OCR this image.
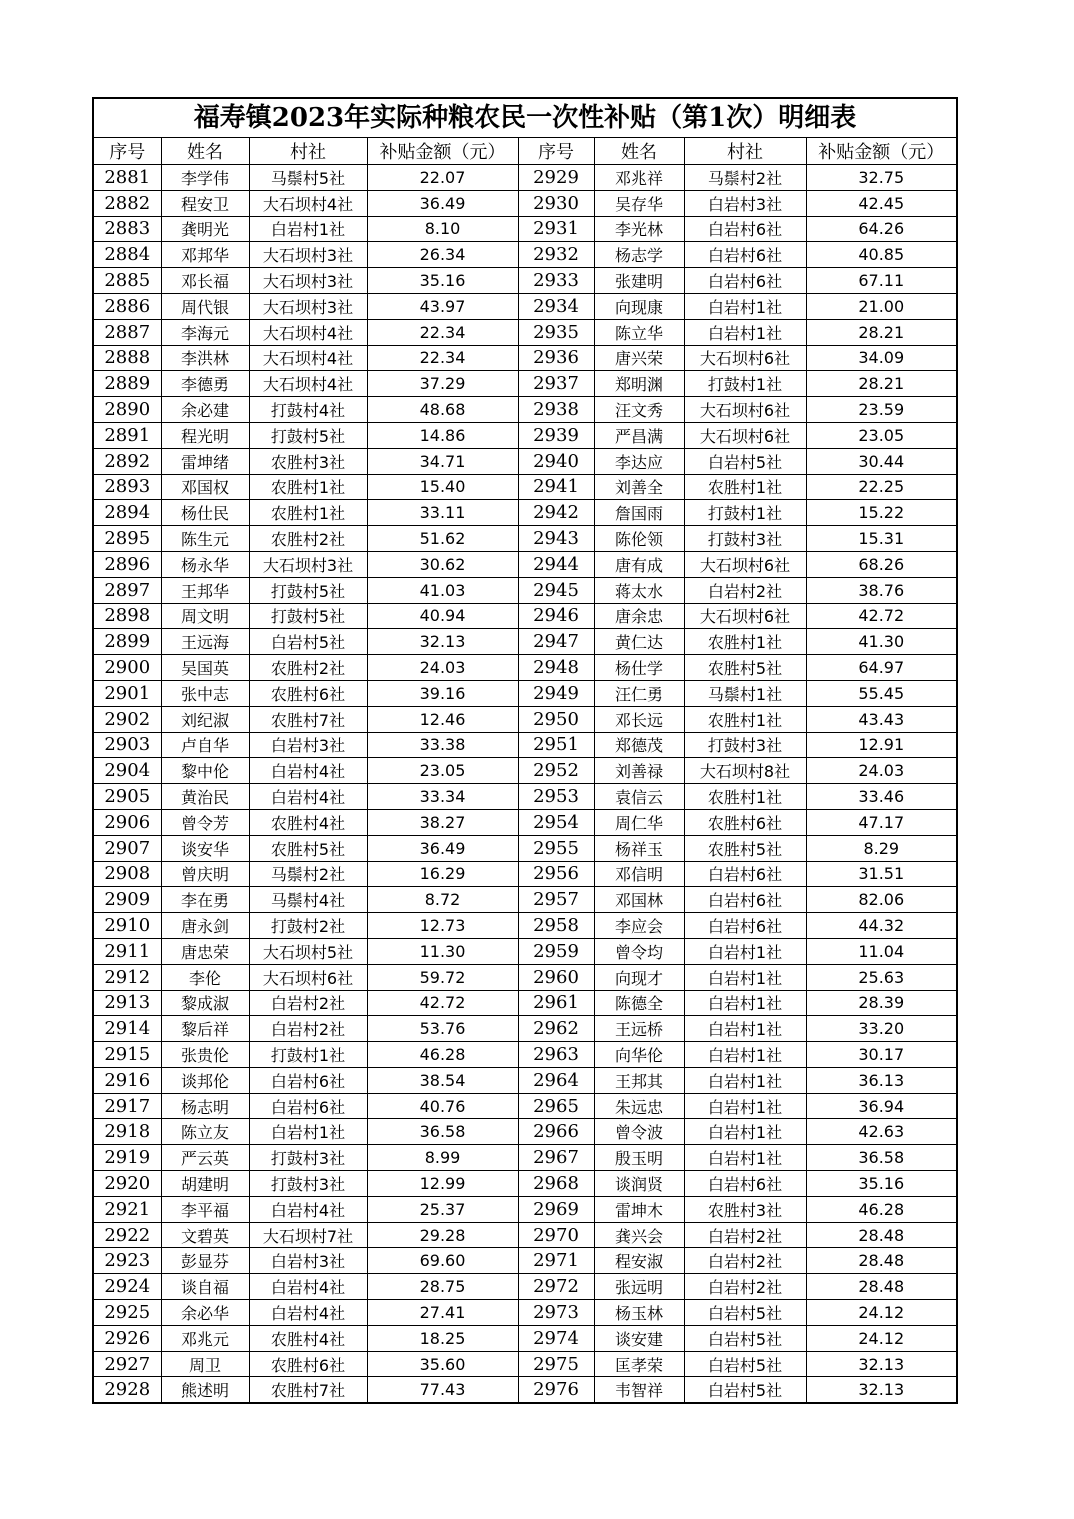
福寿镇2023年实际种粮农民一次性补贴（第1次）明细表
序号	姓名	村社	补贴金额（元）	序号	姓名	村社	补贴金额（元）
2881	李学伟	马鬃村5社	22.07	2929	邓兆祥	马鬃村2社	32.75
2882	程安卫	大石坝村4社	36.49	2930	吴存华	白岩村3社	42.45
2883	龚明光	白岩村1社	8.10	2931	李光林	白岩村6社	64.26
2884	邓邦华	大石坝村3社	26.34	2932	杨志学	白岩村6社	40.85
2885	邓长福	大石坝村3社	35.16	2933	张建明	白岩村6社	67.11
2886	周代银	大石坝村3社	43.97	2934	向现康	白岩村1社	21.00
2887	李海元	大石坝村4社	22.34	2935	陈立华	白岩村1社	28.21
2888	李洪林	大石坝村4社	22.34	2936	唐兴荣	大石坝村6社	34.09
2889	李德勇	大石坝村4社	37.29	2937	郑明渊	打鼓村1社	28.21
2890	余必建	打鼓村4社	48.68	2938	汪文秀	大石坝村6社	23.59
2891	程光明	打鼓村5社	14.86	2939	严昌满	大石坝村6社	23.05
2892	雷坤绪	农胜村3社	34.71	2940	李达应	白岩村5社	30.44
2893	邓国权	农胜村1社	15.40	2941	刘善全	农胜村1社	22.25
2894	杨仕民	农胜村1社	33.11	2942	詹国雨	打鼓村1社	15.22
2895	陈生元	农胜村2社	51.62	2943	陈伦领	打鼓村3社	15.31
2896	杨永华	大石坝村3社	30.62	2944	唐有成	大石坝村6社	68.26
2897	王邦华	打鼓村5社	41.03	2945	蒋太水	白岩村2社	38.76
2898	周文明	打鼓村5社	40.94	2946	唐余忠	大石坝村6社	42.72
2899	王远海	白岩村5社	32.13	2947	黄仁达	农胜村1社	41.30
2900	吴国英	农胜村2社	24.03	2948	杨仕学	农胜村5社	64.97
2901	张中志	农胜村6社	39.16	2949	汪仁勇	马鬃村1社	55.45
2902	刘纪淑	农胜村7社	12.46	2950	邓长远	农胜村1社	43.43
2903	卢自华	白岩村3社	33.38	2951	郑德茂	打鼓村3社	12.91
2904	黎中伦	白岩村4社	23.05	2952	刘善禄	大石坝村8社	24.03
2905	黄治民	白岩村4社	33.34	2953	袁信云	农胜村1社	33.46
2906	曾令芳	农胜村4社	38.27	2954	周仁华	农胜村6社	47.17
2907	谈安华	农胜村5社	36.49	2955	杨祥玉	农胜村5社	8.29
2908	曾庆明	马鬃村2社	16.29	2956	邓信明	白岩村6社	31.51
2909	李在勇	马鬃村4社	8.72	2957	邓国林	白岩村6社	82.06
2910	唐永剑	打鼓村2社	12.73	2958	李应会	白岩村6社	44.32
2911	唐忠荣	大石坝村5社	11.30	2959	曾令均	白岩村1社	11.04
2912	李伦	大石坝村6社	59.72	2960	向现才	白岩村1社	25.63
2913	黎成淑	白岩村2社	42.72	2961	陈德全	白岩村1社	28.39
2914	黎后祥	白岩村2社	53.76	2962	王远桥	白岩村1社	33.20
2915	张贵伦	打鼓村1社	46.28	2963	向华伦	白岩村1社	30.17
2916	谈邦伦	白岩村6社	38.54	2964	王邦其	白岩村1社	36.13
2917	杨志明	白岩村6社	40.76	2965	朱远忠	白岩村1社	36.94
2918	陈立友	白岩村1社	36.58	2966	曾令波	白岩村1社	42.63
2919	严云英	打鼓村3社	8.99	2967	殷玉明	白岩村1社	36.58
2920	胡建明	打鼓村3社	12.99	2968	谈润贤	白岩村6社	35.16
2921	李平福	白岩村4社	25.37	2969	雷坤木	农胜村3社	46.28
2922	文碧英	大石坝村7社	29.28	2970	龚兴会	白岩村2社	28.48
2923	彭显芬	白岩村3社	69.60	2971	程安淑	白岩村2社	28.48
2924	谈自福	白岩村4社	28.75	2972	张远明	白岩村2社	28.48
2925	余必华	白岩村4社	27.41	2973	杨玉林	白岩村5社	24.12
2926	邓兆元	农胜村4社	18.25	2974	谈安建	白岩村5社	24.12
2927	周卫	农胜村6社	35.60	2975	匡孝荣	白岩村5社	32.13
2928	熊述明	农胜村7社	77.43	2976	韦智祥	白岩村5社	32.13
